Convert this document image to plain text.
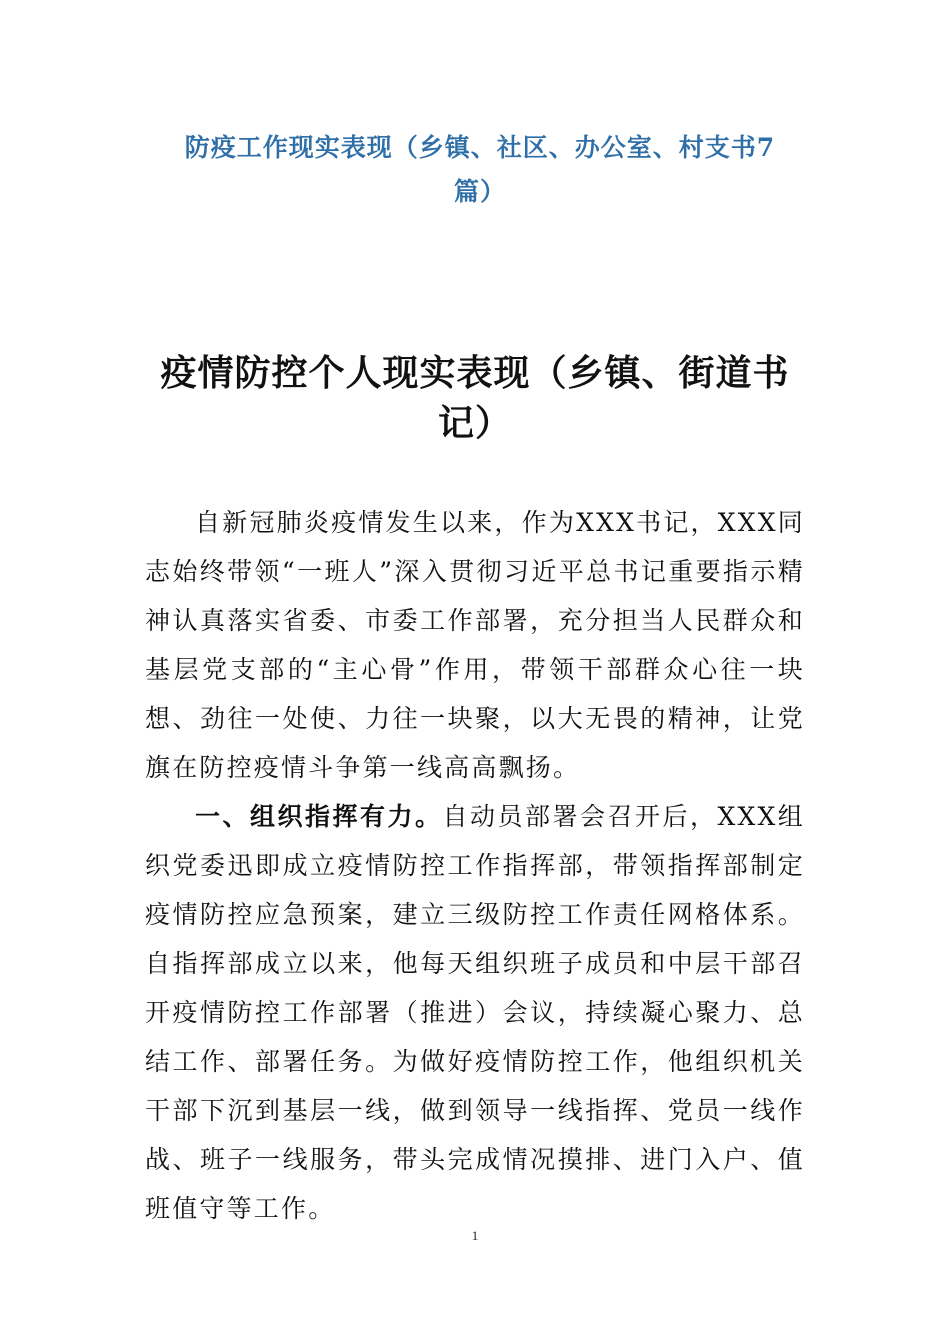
防疫工作现实表现（乡镇、社区、办公室、村支书7篇）
疫情防控个人现实表现（乡镇、街道书记）

自新冠肺炎疫情发生以来，作为XXX书记，XXX同志始终带领“一班人”深入贯彻习近平总书记重要指示精神认真落实省委、市委工作部署，充分担当人民群众和基层党支部的“主心骨”作用，带领干部群众心往一块想、劲往一处使、力往一块聚，以大无畏的精神，让党旗在防控疫情斗争第一线高高飘扬。

一、组织指挥有力。自动员部署会召开后，XXX组织党委迅即成立疫情防控工作指挥部，带领指挥部制定疫情防控应急预案，建立三级防控工作责任网格体系。自指挥部成立以来，他每天组织班子成员和中层干部召开疫情防控工作部署（推进）会议，持续凝心聚力、总结工作、部署任务。为做好疫情防控工作，他组织机关干部下沉到基层一线，做到领导一线指挥、党员一线作战、班子一线服务，带头完成情况摸排、进门入户、值班值守等工作。

1
